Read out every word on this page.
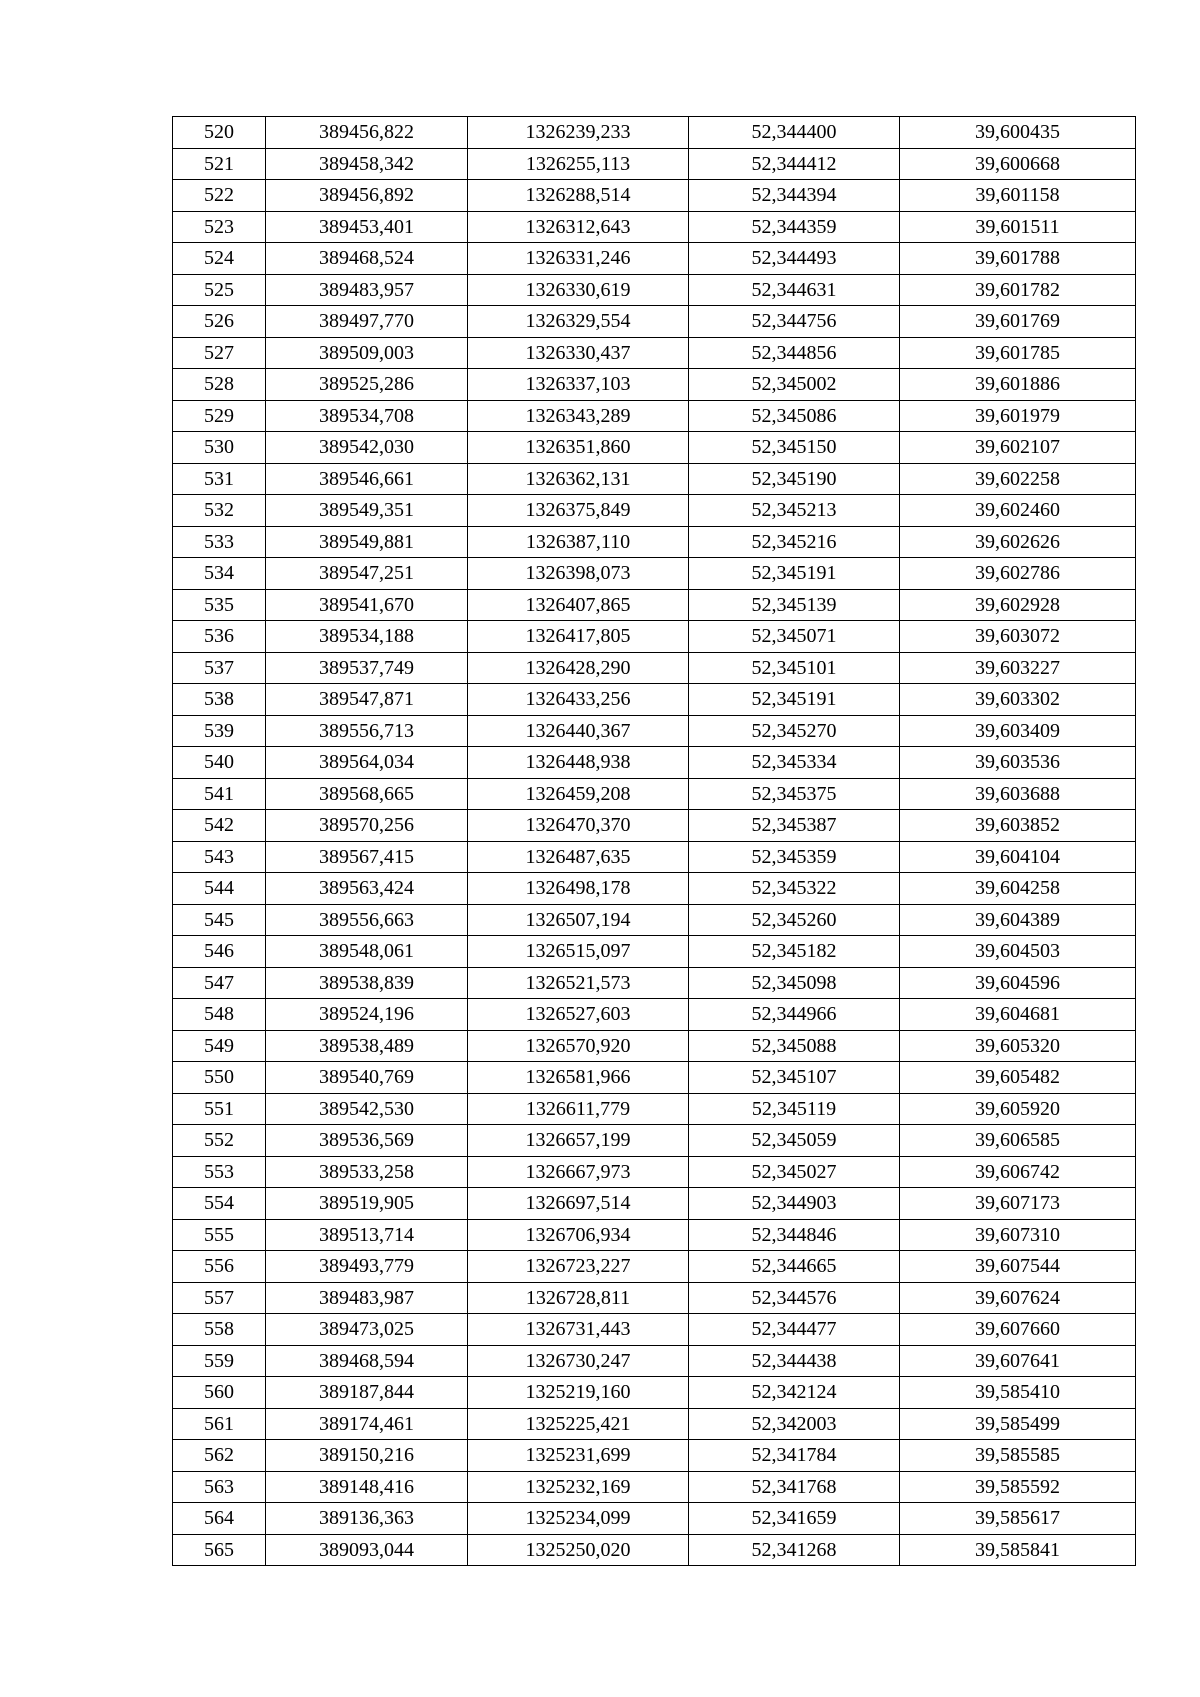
520	389456,822	1326239,233	52,344400	39,600435
521	389458,342	1326255,113	52,344412	39,600668
522	389456,892	1326288,514	52,344394	39,601158
523	389453,401	1326312,643	52,344359	39,601511
524	389468,524	1326331,246	52,344493	39,601788
525	389483,957	1326330,619	52,344631	39,601782
526	389497,770	1326329,554	52,344756	39,601769
527	389509,003	1326330,437	52,344856	39,601785
528	389525,286	1326337,103	52,345002	39,601886
529	389534,708	1326343,289	52,345086	39,601979
530	389542,030	1326351,860	52,345150	39,602107
531	389546,661	1326362,131	52,345190	39,602258
532	389549,351	1326375,849	52,345213	39,602460
533	389549,881	1326387,110	52,345216	39,602626
534	389547,251	1326398,073	52,345191	39,602786
535	389541,670	1326407,865	52,345139	39,602928
536	389534,188	1326417,805	52,345071	39,603072
537	389537,749	1326428,290	52,345101	39,603227
538	389547,871	1326433,256	52,345191	39,603302
539	389556,713	1326440,367	52,345270	39,603409
540	389564,034	1326448,938	52,345334	39,603536
541	389568,665	1326459,208	52,345375	39,603688
542	389570,256	1326470,370	52,345387	39,603852
543	389567,415	1326487,635	52,345359	39,604104
544	389563,424	1326498,178	52,345322	39,604258
545	389556,663	1326507,194	52,345260	39,604389
546	389548,061	1326515,097	52,345182	39,604503
547	389538,839	1326521,573	52,345098	39,604596
548	389524,196	1326527,603	52,344966	39,604681
549	389538,489	1326570,920	52,345088	39,605320
550	389540,769	1326581,966	52,345107	39,605482
551	389542,530	1326611,779	52,345119	39,605920
552	389536,569	1326657,199	52,345059	39,606585
553	389533,258	1326667,973	52,345027	39,606742
554	389519,905	1326697,514	52,344903	39,607173
555	389513,714	1326706,934	52,344846	39,607310
556	389493,779	1326723,227	52,344665	39,607544
557	389483,987	1326728,811	52,344576	39,607624
558	389473,025	1326731,443	52,344477	39,607660
559	389468,594	1326730,247	52,344438	39,607641
560	389187,844	1325219,160	52,342124	39,585410
561	389174,461	1325225,421	52,342003	39,585499
562	389150,216	1325231,699	52,341784	39,585585
563	389148,416	1325232,169	52,341768	39,585592
564	389136,363	1325234,099	52,341659	39,585617
565	389093,044	1325250,020	52,341268	39,585841
